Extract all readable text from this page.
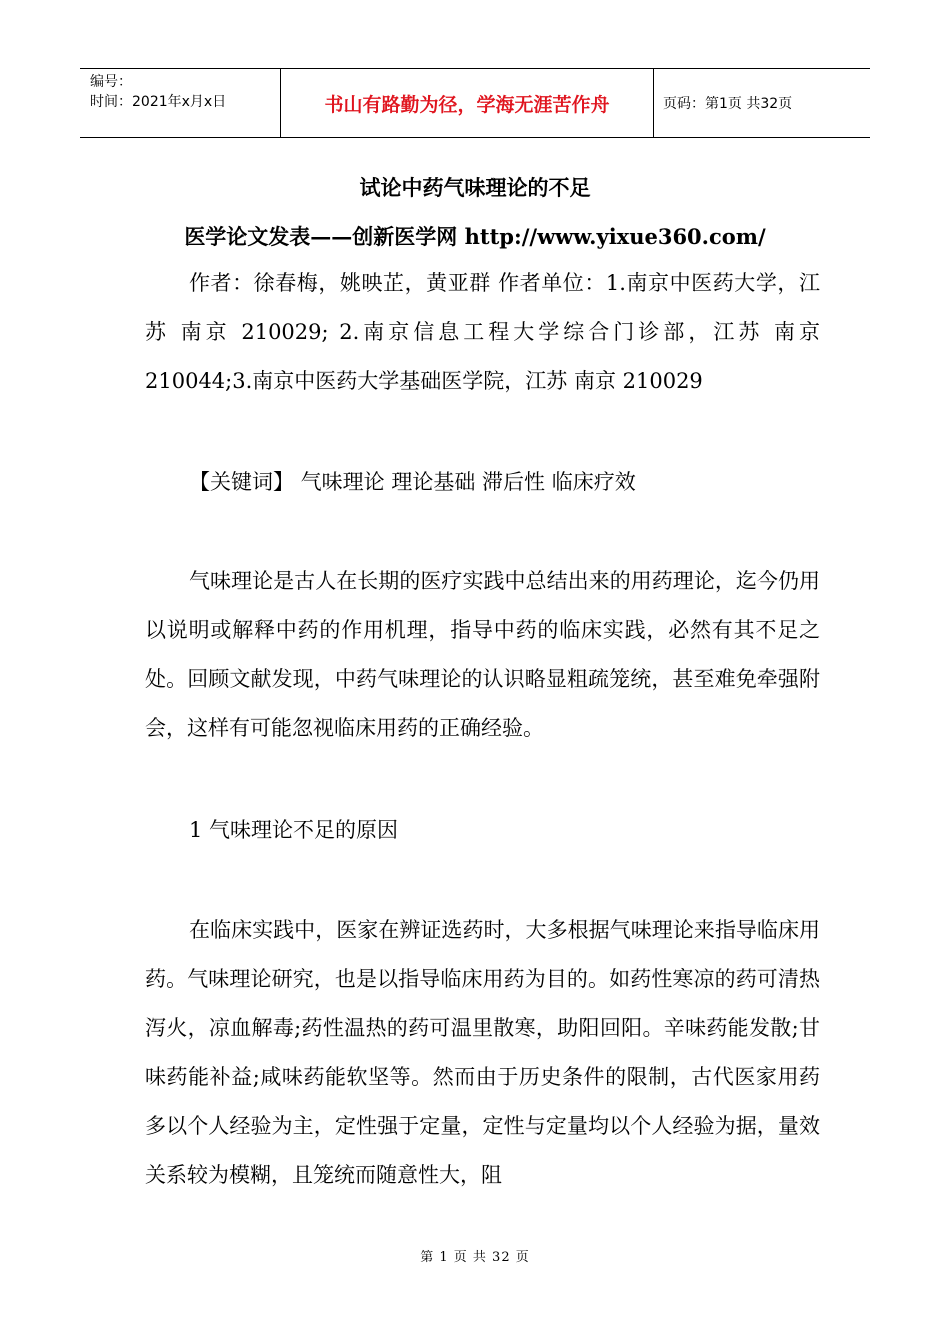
编号：
时间：2021年x月x日	书山有路勤为径，学海无涯苦作舟	页码：第1页 共32页
试论中药气味理论的不足
医学论文发表——创新医学网 http://www.yixue360.com/

作者：徐春梅，姚映芷，黄亚群 作者单位：1.南京中医药大学，江苏 南京 210029; 2.南京信息工程大学综合门诊部，江苏 南京 210044;3.南京中医药大学基础医学院，江苏 南京 210029

【关键词】 气味理论 理论基础 滞后性 临床疗效

气味理论是古人在长期的医疗实践中总结出来的用药理论，迄今仍用以说明或解释中药的作用机理，指导中药的临床实践，必然有其不足之处。回顾文献发现，中药气味理论的认识略显粗疏笼统，甚至难免牵强附会，这样有可能忽视临床用药的正确经验。

1 气味理论不足的原因

在临床实践中，医家在辨证选药时，大多根据气味理论来指导临床用药。气味理论研究，也是以指导临床用药为目的。如药性寒凉的药可清热泻火，凉血解毒;药性温热的药可温里散寒，助阳回阳。辛味药能发散;甘味药能补益;咸味药能软坚等。然而由于历史条件的限制，古代医家用药多以个人经验为主，定性强于定量，定性与定量均以个人经验为据，量效关系较为模糊，且笼统而随意性大，阻

第 1 页 共 32 页
